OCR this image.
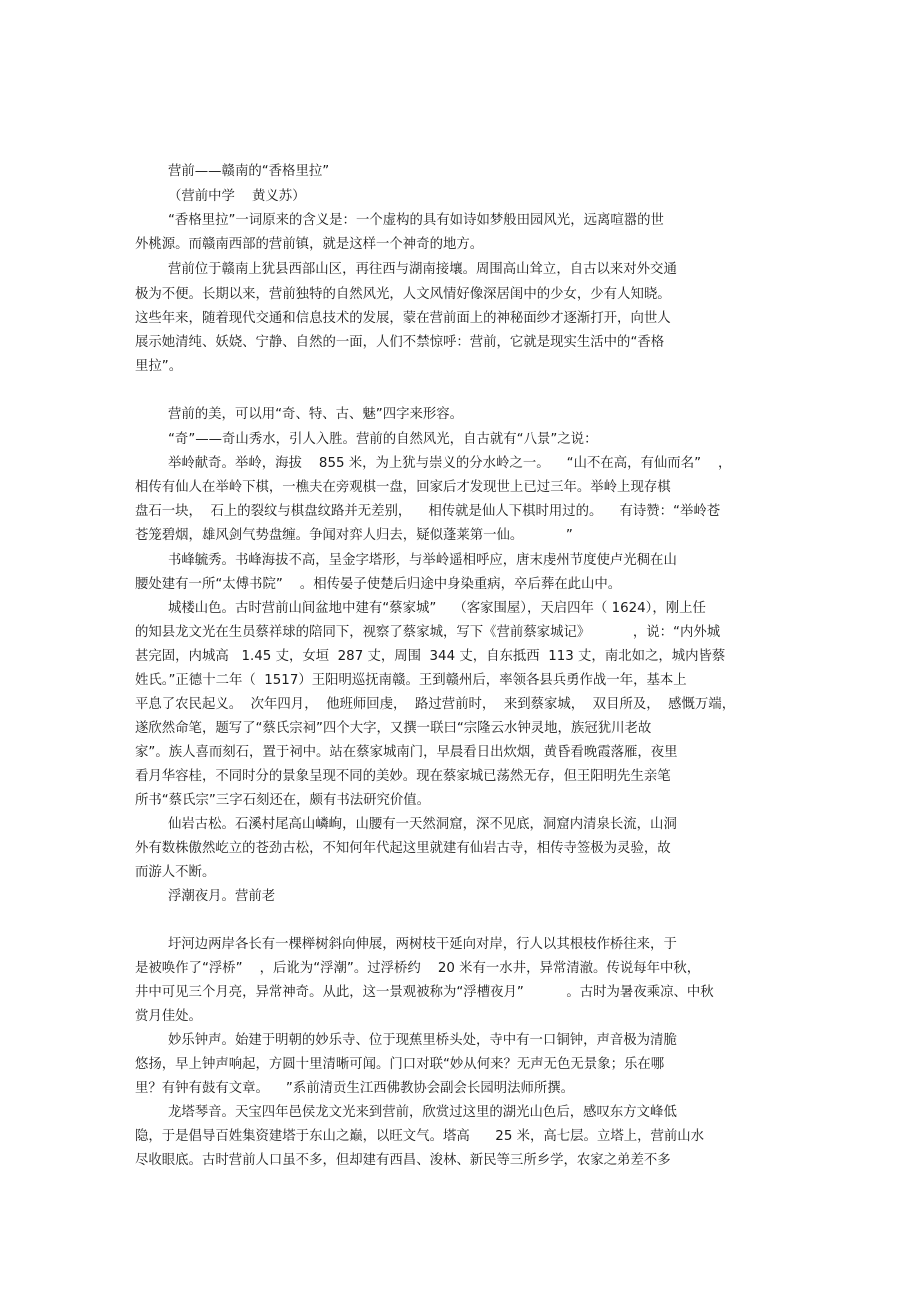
营前——赣南的“香格里拉”

（营前中学    黄义苏）

“香格里拉”一词原来的含义是：一个虚构的具有如诗如梦般田园风光，远离喧嚣的世

外桃源。而赣南西部的营前镇，就是这样一个神奇的地方。

营前位于赣南上犹县西部山区，再往西与湖南接壤。周围高山耸立，自古以来对外交通

极为不便。长期以来，营前独特的自然风光，人文风情好像深居闺中的少女，少有人知晓。

这些年来，随着现代交通和信息技术的发展，蒙在营前面上的神秘面纱才逐渐打开，向世人

展示她清纯、妖娆、宁静、自然的一面，人们不禁惊呼：营前，它就是现实生活中的“香格

里拉”。

营前的美，可以用“奇、特、古、魅”四字来形容。

“奇”——奇山秀水，引人入胜。营前的自然风光，自古就有“八景”之说：

举岭献奇。举岭，海拔    855 米，为上犹与崇义的分水岭之一。    “山不在高，有仙而名”    ，

相传有仙人在举岭下棋，一樵夫在旁观棋一盘，回家后才发现世上已过三年。举岭上现存棋

盘石一块，  石上的裂纹与棋盘纹路并无差别，    相传就是仙人下棋时用过的。    有诗赞：“举岭苍

苍笼碧烟，雄风剑气势盘缠。争闻对弈人归去，疑似蓬莱第一仙。          ”

书峰毓秀。书峰海拔不高，呈金字塔形，与举岭遥相呼应，唐末虔州节度使卢光稠在山

腰处建有一所“太傅书院”    。相传晏子使楚后归途中身染重病，卒后葬在此山中。

城楼山色。古时营前山间盆地中建有“蔡家城”    （客家围屋），天启四年（ 1624），刚上任

的知县龙文光在生员蔡祥球的陪同下，视察了蔡家城，写下《营前蔡家城记》          ，说：“内外城

甚完固，内城高   1.45 丈，女垣  287 丈，周围  344 丈，自东抵西  113 丈，南北如之，城内皆蔡

姓氏。”正德十二年（  1517）王阳明巡抚南赣。王到赣州后，率领各县兵勇作战一年，基本上

平息了农民起义。  次年四月，  他班师回虔，  路过营前时，  来到蔡家城，  双目所及，  感慨万端，

遂欣然命笔，题写了“蔡氏宗祠”四个大字，又撰一联曰“宗隆云水钟灵地，族冠犹川老故

家”。族人喜而刻石，置于祠中。站在蔡家城南门，早晨看日出炊烟，黄昏看晚霞落雁，夜里

看月华容桂，不同时分的景象呈现不同的美妙。现在蔡家城已荡然无存，但王阳明先生亲笔

所书“蔡氏宗”三字石刻还在，颇有书法研究价值。

仙岩古松。石溪村尾高山嶙峋，山腰有一天然洞窟，深不见底，洞窟内清泉长流，山洞

外有数株傲然屹立的苍劲古松，不知何年代起这里就建有仙岩古寺，相传寺签极为灵验，故

而游人不断。

浮潮夜月。营前老

圩河边两岸各长有一棵榉树斜向伸展，两树枝干延向对岸，行人以其根枝作桥往来，于

是被唤作了“浮桥”    ，后讹为“浮潮”。过浮桥约    20 米有一水井，异常清澈。传说每年中秋，

井中可见三个月亮，异常神奇。从此，这一景观被称为“浮槽夜月”          。古时为暑夜乘凉、中秋

赏月佳处。

妙乐钟声。始建于明朝的妙乐寺、位于现蕉里桥头处，寺中有一口铜钟，声音极为清脆

悠扬，早上钟声响起，方圆十里清晰可闻。门口对联“妙从何来？无声无色无景象；乐在哪

里？有钟有鼓有文章。    ”系前清贡生江西佛教协会副会长园明法师所撰。

龙塔琴音。天宝四年邑侯龙文光来到营前，欣赏过这里的湖光山色后，感叹东方文峰低

隐，于是倡导百姓集资建塔于东山之巅，以旺文气。塔高      25 米，高七层。立塔上，营前山水

尽收眼底。古时营前人口虽不多，但却建有西昌、浚林、新民等三所乡学，农家之弟差不多
